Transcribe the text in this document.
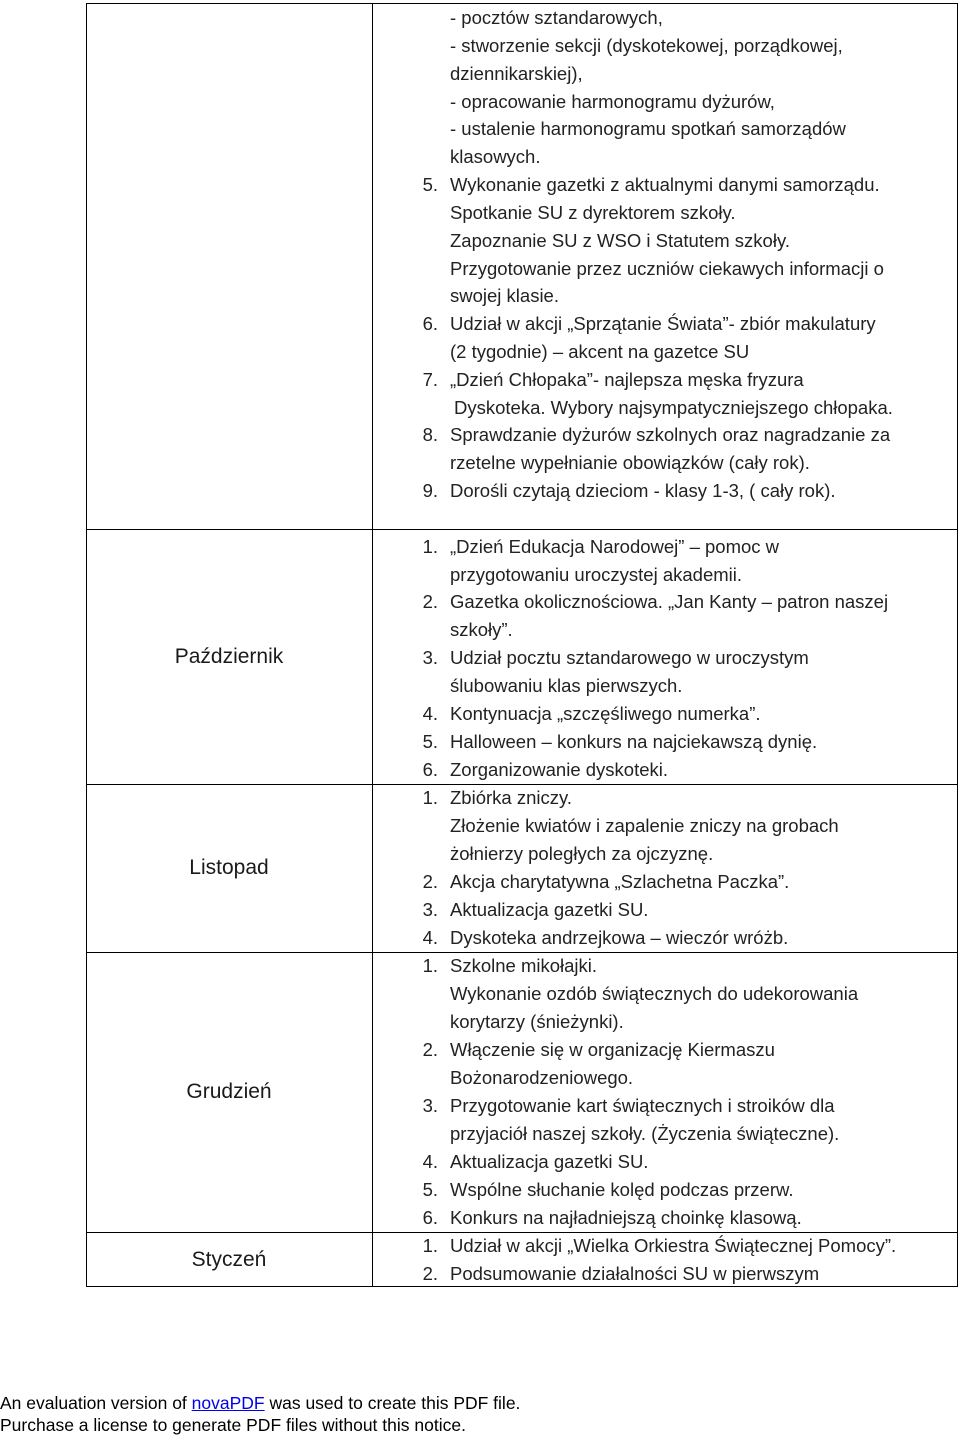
Październik
Listopad
Grudzień
Styczeń
- pocztów sztandarowych,
- stworzenie sekcji (dyskotekowej, porządkowej,
dziennikarskiej),
- opracowanie harmonogramu dyżurów,
- ustalenie harmonogramu spotkań samorządów
klasowych.
5. Wykonanie gazetki z aktualnymi danymi samorządu.
Spotkanie SU z dyrektorem szkoły.
Zapoznanie SU z WSO i Statutem szkoły.
Przygotowanie przez uczniów ciekawych informacji o
swojej klasie.
6. Udział w akcji „Sprzątanie Świata”- zbiór makulatury
(2 tygodnie) – akcent na gazetce SU
7. „Dzień Chłopaka”- najlepsza męska fryzura
Dyskoteka. Wybory najsympatyczniejszego chłopaka.
8. Sprawdzanie dyżurów szkolnych oraz nagradzanie za
rzetelne wypełnianie obowiązków (cały rok).
9. Dorośli czytają dzieciom - klasy 1-3, ( cały rok).
1. „Dzień Edukacja Narodowej” – pomoc w
przygotowaniu uroczystej akademii.
2. Gazetka okolicznościowa. „Jan Kanty – patron naszej
szkoły”.
3. Udział pocztu sztandarowego w uroczystym
ślubowaniu klas pierwszych.
4. Kontynuacja „szczęśliwego numerka”.
5. Halloween – konkurs na najciekawszą dynię.
6. Zorganizowanie dyskoteki.
1. Zbiórka zniczy.
Złożenie kwiatów i zapalenie zniczy na grobach
żołnierzy poległych za ojczyznę.
2. Akcja charytatywna „Szlachetna Paczka”.
3. Aktualizacja gazetki SU.
4. Dyskoteka andrzejkowa – wieczór wróżb.
1. Szkolne mikołajki.
Wykonanie ozdób świątecznych do udekorowania
korytarzy (śnieżynki).
2. Włączenie się w organizację Kiermaszu
Bożonarodzeniowego.
3. Przygotowanie kart świątecznych i stroików dla
przyjaciół naszej szkoły. (Życzenia świąteczne).
4. Aktualizacja gazetki SU.
5. Wspólne słuchanie kolęd podczas przerw.
6. Konkurs na najładniejszą choinkę klasową.
1. Udział w akcji „Wielka Orkiestra Świątecznej Pomocy”.
2. Podsumowanie działalności SU w pierwszym
An evaluation version of novaPDF was used to create this PDF file.
Purchase a license to generate PDF files without this notice.
